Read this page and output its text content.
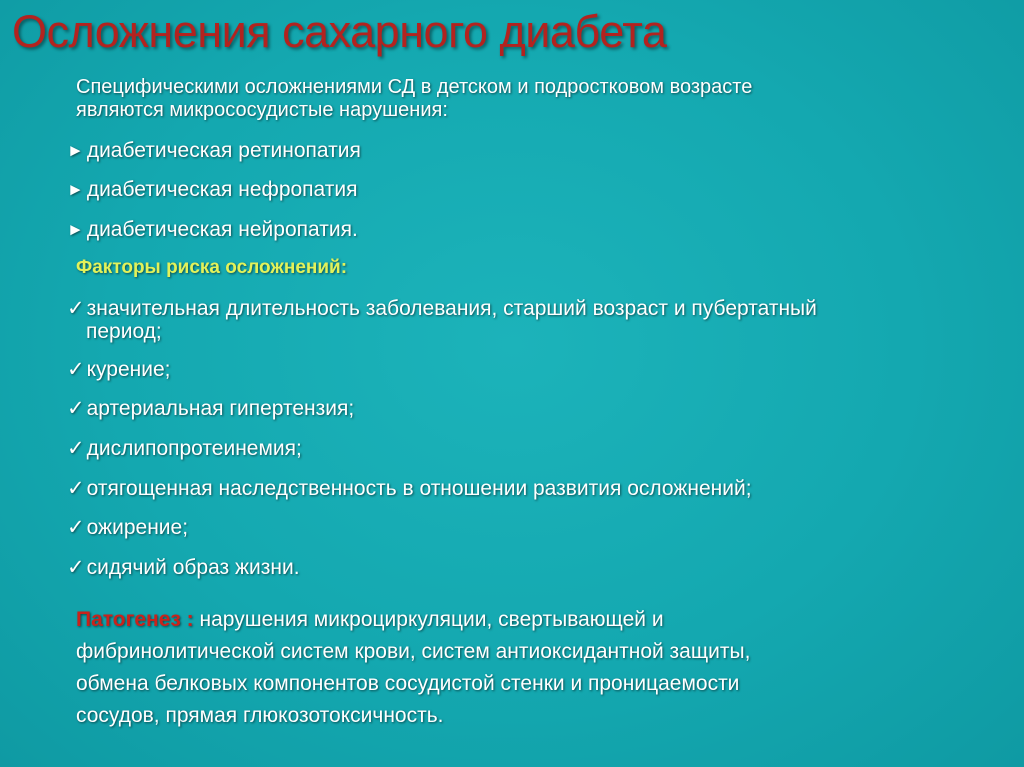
Осложнения сахарного диабета
Специфическими осложнениями СД в детском и подростковом возрасте
являются микрососудистые нарушения:
► диабетическая ретинопатия
► диабетическая нефропатия
► диабетическая нейропатия.
Факторы риска осложнений:
✓значительная длительность заболевания, старший возраст и пубертатный
период;
✓курение;
✓артериальная гипертензия;
✓дислипопротеинемия;
✓отягощенная наследственность в отношении развития осложнений;
✓ожирение;
✓сидячий образ жизни.
Патогенез : нарушения микроциркуляции, свертывающей и
фибринолитической систем крови, систем антиоксидантной защиты,
обмена белковых компонентов сосудистой стенки и проницаемости
сосудов, прямая глюкозотоксичность.
